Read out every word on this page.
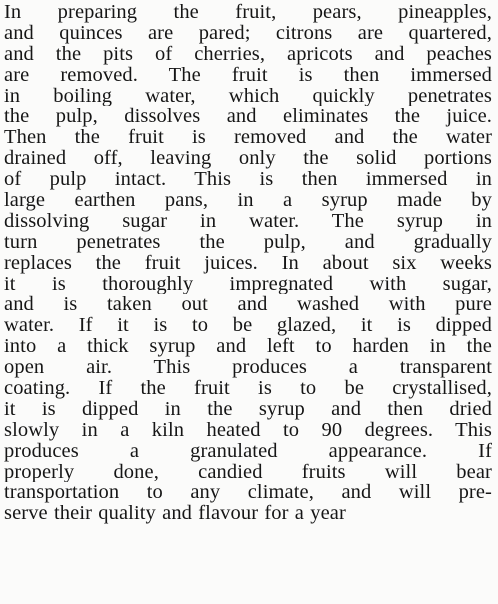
In preparing the fruit, pears, pineapples,
and quinces are pared; citrons are quartered,
and the pits of cherries, apricots and peaches
are removed. The fruit is then immersed
in boiling water, which quickly penetrates
the pulp, dissolves and eliminates the juice.
Then the fruit is removed and the water
drained off, leaving only the solid portions
of pulp intact. This is then immersed in
large earthen pans, in a syrup made by
dissolving sugar in water. The syrup in
turn penetrates the pulp, and gradually
replaces the fruit juices. In about six weeks
it is thoroughly impregnated with sugar,
and is taken out and washed with pure
water. If it is to be glazed, it is dipped
into a thick syrup and left to harden in the
open air. This produces a transparent
coating. If the fruit is to be crystallised,
it is dipped in the syrup and then dried
slowly in a kiln heated to 90 degrees. This
produces a granulated appearance. If
properly done, candied fruits will bear
transportation to any climate, and will pre-
serve their quality and flavour for a year
